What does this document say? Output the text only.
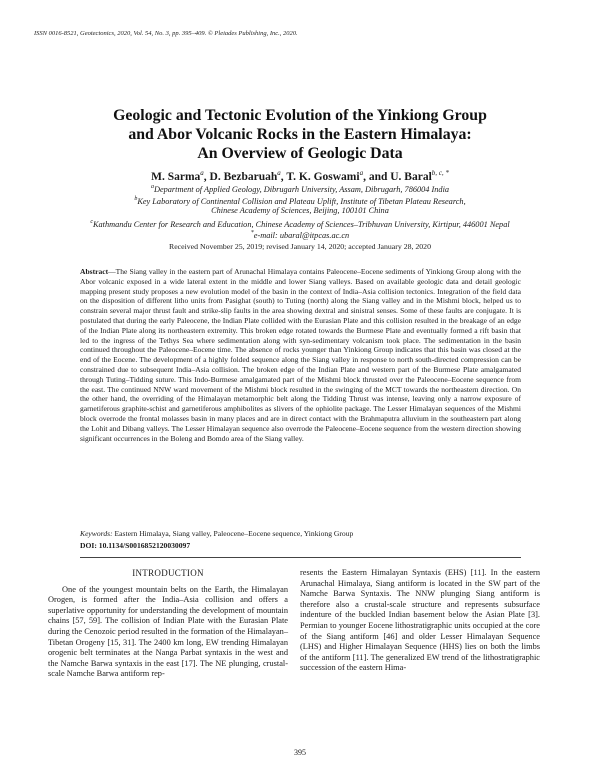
ISSN 0016-8521, Geotectonics, 2020, Vol. 54, No. 3, pp. 395–409. © Pleiades Publishing, Inc., 2020.
Geologic and Tectonic Evolution of the Yinkiong Group
and Abor Volcanic Rocks in the Eastern Himalaya:
An Overview of Geologic Data
M. Sarma$^a$, D. Bezbaruah$^a$, T. K. Goswami$^a$, and U. Baral$^{b, c, *}$
$^a$Department of Applied Geology, Dibrugarh University, Assam, Dibrugarh, 786004 India
$^b$Key Laboratory of Continental Collision and Plateau Uplift, Institute of Tibetan Plateau Research,
Chinese Academy of Sciences, Beijing, 100101 China
$^c$Kathmandu Center for Research and Education, Chinese Academy of Sciences–Tribhuvan University, Kirtipur, 446001 Nepal
*e-mail: ubaral@itpcas.ac.cn
Received November 25, 2019; revised January 14, 2020; accepted January 28, 2020
Abstract—The Siang valley in the eastern part of Arunachal Himalaya contains Paleocene–Eocene sediments of Yinkiong Group along with the Abor volcanic exposed in a wide lateral extent in the middle and lower Siang valleys. Based on available geologic data and detail geologic mapping present study proposes a new evolution model of the basin in the context of India–Asia collision tectonics. Integration of the field data on the disposition of different litho units from Pasighat (south) to Tuting (north) along the Siang valley and in the Mishmi block, helped us to constrain several major thrust fault and strike-slip faults in the area showing dextral and sinistral senses. Some of these faults are conjugate. It is postulated that during the early Paleocene, the Indian Plate collided with the Eurasian Plate and this collision resulted in the breakage of an edge of the Indian Plate along its northeastern extremity. This broken edge rotated towards the Burmese Plate and eventually formed a rift basin that led to the ingress of the Tethys Sea where sedimentation along with syn-sedimentary volcanism took place. The sedimentation in the basin continued throughout the Paleocene–Eocene time. The absence of rocks younger than Yinkiong Group indicates that this basin was closed at the end of the Eocene. The development of a highly folded sequence along the Siang valley in response to north south-directed compression can be constrained due to subsequent India–Asia collision. The broken edge of the Indian Plate and western part of the Burmese Plate amalgamated through Tuting–Tidding suture. This Indo-Burmese amalgamated part of the Mishmi block thrusted over the Paleocene–Eocene sequence from the east. The continued NNW ward movement of the Mishmi block resulted in the swinging of the MCT towards the northeastern direction. On the other hand, the overriding of the Himalayan metamorphic belt along the Tidding Thrust was intense, leaving only a narrow exposure of garnetiferous graphite-schist and garnetiferous amphibolites as slivers of the ophiolite package. The Lesser Himalayan sequences of the Mishmi block overrode the frontal molasses basin in many places and are in direct contact with the Brahmaputra alluvium in the southeastern part along the Lohit and Dibang valleys. The Lesser Himalayan sequence also overrode the Paleocene–Eocene sequence from the western direction showing significant occurrences in the Boleng and Bomdo area of the Siang valley.
Keywords: Eastern Himalaya, Siang valley, Paleocene–Eocene sequence, Yinkiong Group
DOI: 10.1134/S0016852120030097
INTRODUCTION

One of the youngest mountain belts on the Earth, the Himalayan Orogen, is formed after the India–Asia collision and offers a superlative opportunity for understanding the development of mountain chains [57, 59]. The collision of Indian Plate with the Eurasian Plate during the Cenozoic period resulted in the formation of the Himalayan–Tibetan Orogeny [15, 31]. The 2400 km long, EW trending Himalayan orogenic belt terminates at the Nanga Parbat syntaxis in the west and the Namche Barwa syntaxis in the east [17]. The NE plunging, crustal-scale Namche Barwa antiform rep-

resents the Eastern Himalayan Syntaxis (EHS) [11]. In the eastern Arunachal Himalaya, Siang antiform is located in the SW part of the Namche Barwa Syntaxis. The NNW plunging Siang antiform is therefore also a crustal-scale structure and represents subsurface indenture of the buckled Indian basement below the Asian Plate [3]. Permian to younger Eocene lithostratigraphic units occupied at the core of the Siang antiform [46] and older Lesser Himalayan Sequence (LHS) and Higher Himalayan Sequence (HHS) lies on both the limbs of the antiform [11]. The generalized EW trend of the lithostratigraphic succession of the eastern Hima-

395
